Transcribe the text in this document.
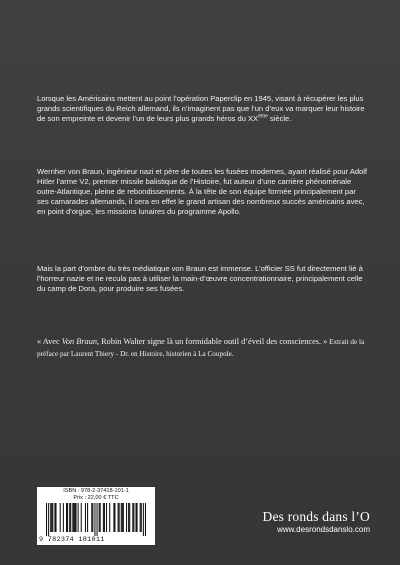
Lorsque les Américains mettent au point l’opération Paperclip en 1945, visant à récupérer les plus grands scientifiques du Reich allemand, ils n’imaginent pas que l’un d’eux va marquer leur histoire de son empreinte et devenir l’un de leurs plus grands héros du XXème siècle.

Wernher von Braun, ingénieur nazi et père de toutes les fusées modernes, ayant réalisé pour Adolf Hitler l’arme V2, premier missile balistique de l’Histoire, fut auteur d’une carrière phénoménale outre-Atlantique, pleine de rebondissements. À la tête de son équipe formée principalement par ses camarades allemands, il sera en effet le grand artisan des nombreux succès américains avec, en point d’orgue, les missions lunaires du programme Apollo.

Mais la part d’ombre du très médiatique von Braun est immense. L’officier SS fut directement lié à l’horreur nazie et ne recula pas à utiliser la main-d’œuvre concentrationnaire, principalement celle du camp de Dora, pour produire ses fusées.

« Avec Von Braun, Robin Walter signe là un formidable outil d’éveil des consciences. » Extrait de la préface par Laurent Thiery - Dr. en Histoire, historien à La Coupole.

ISBN : 978-2-37418-101-1
Prix : 22,00 € TTC
9 782374 181011
Des ronds dans l’O
www.desrondsdanslo.com
